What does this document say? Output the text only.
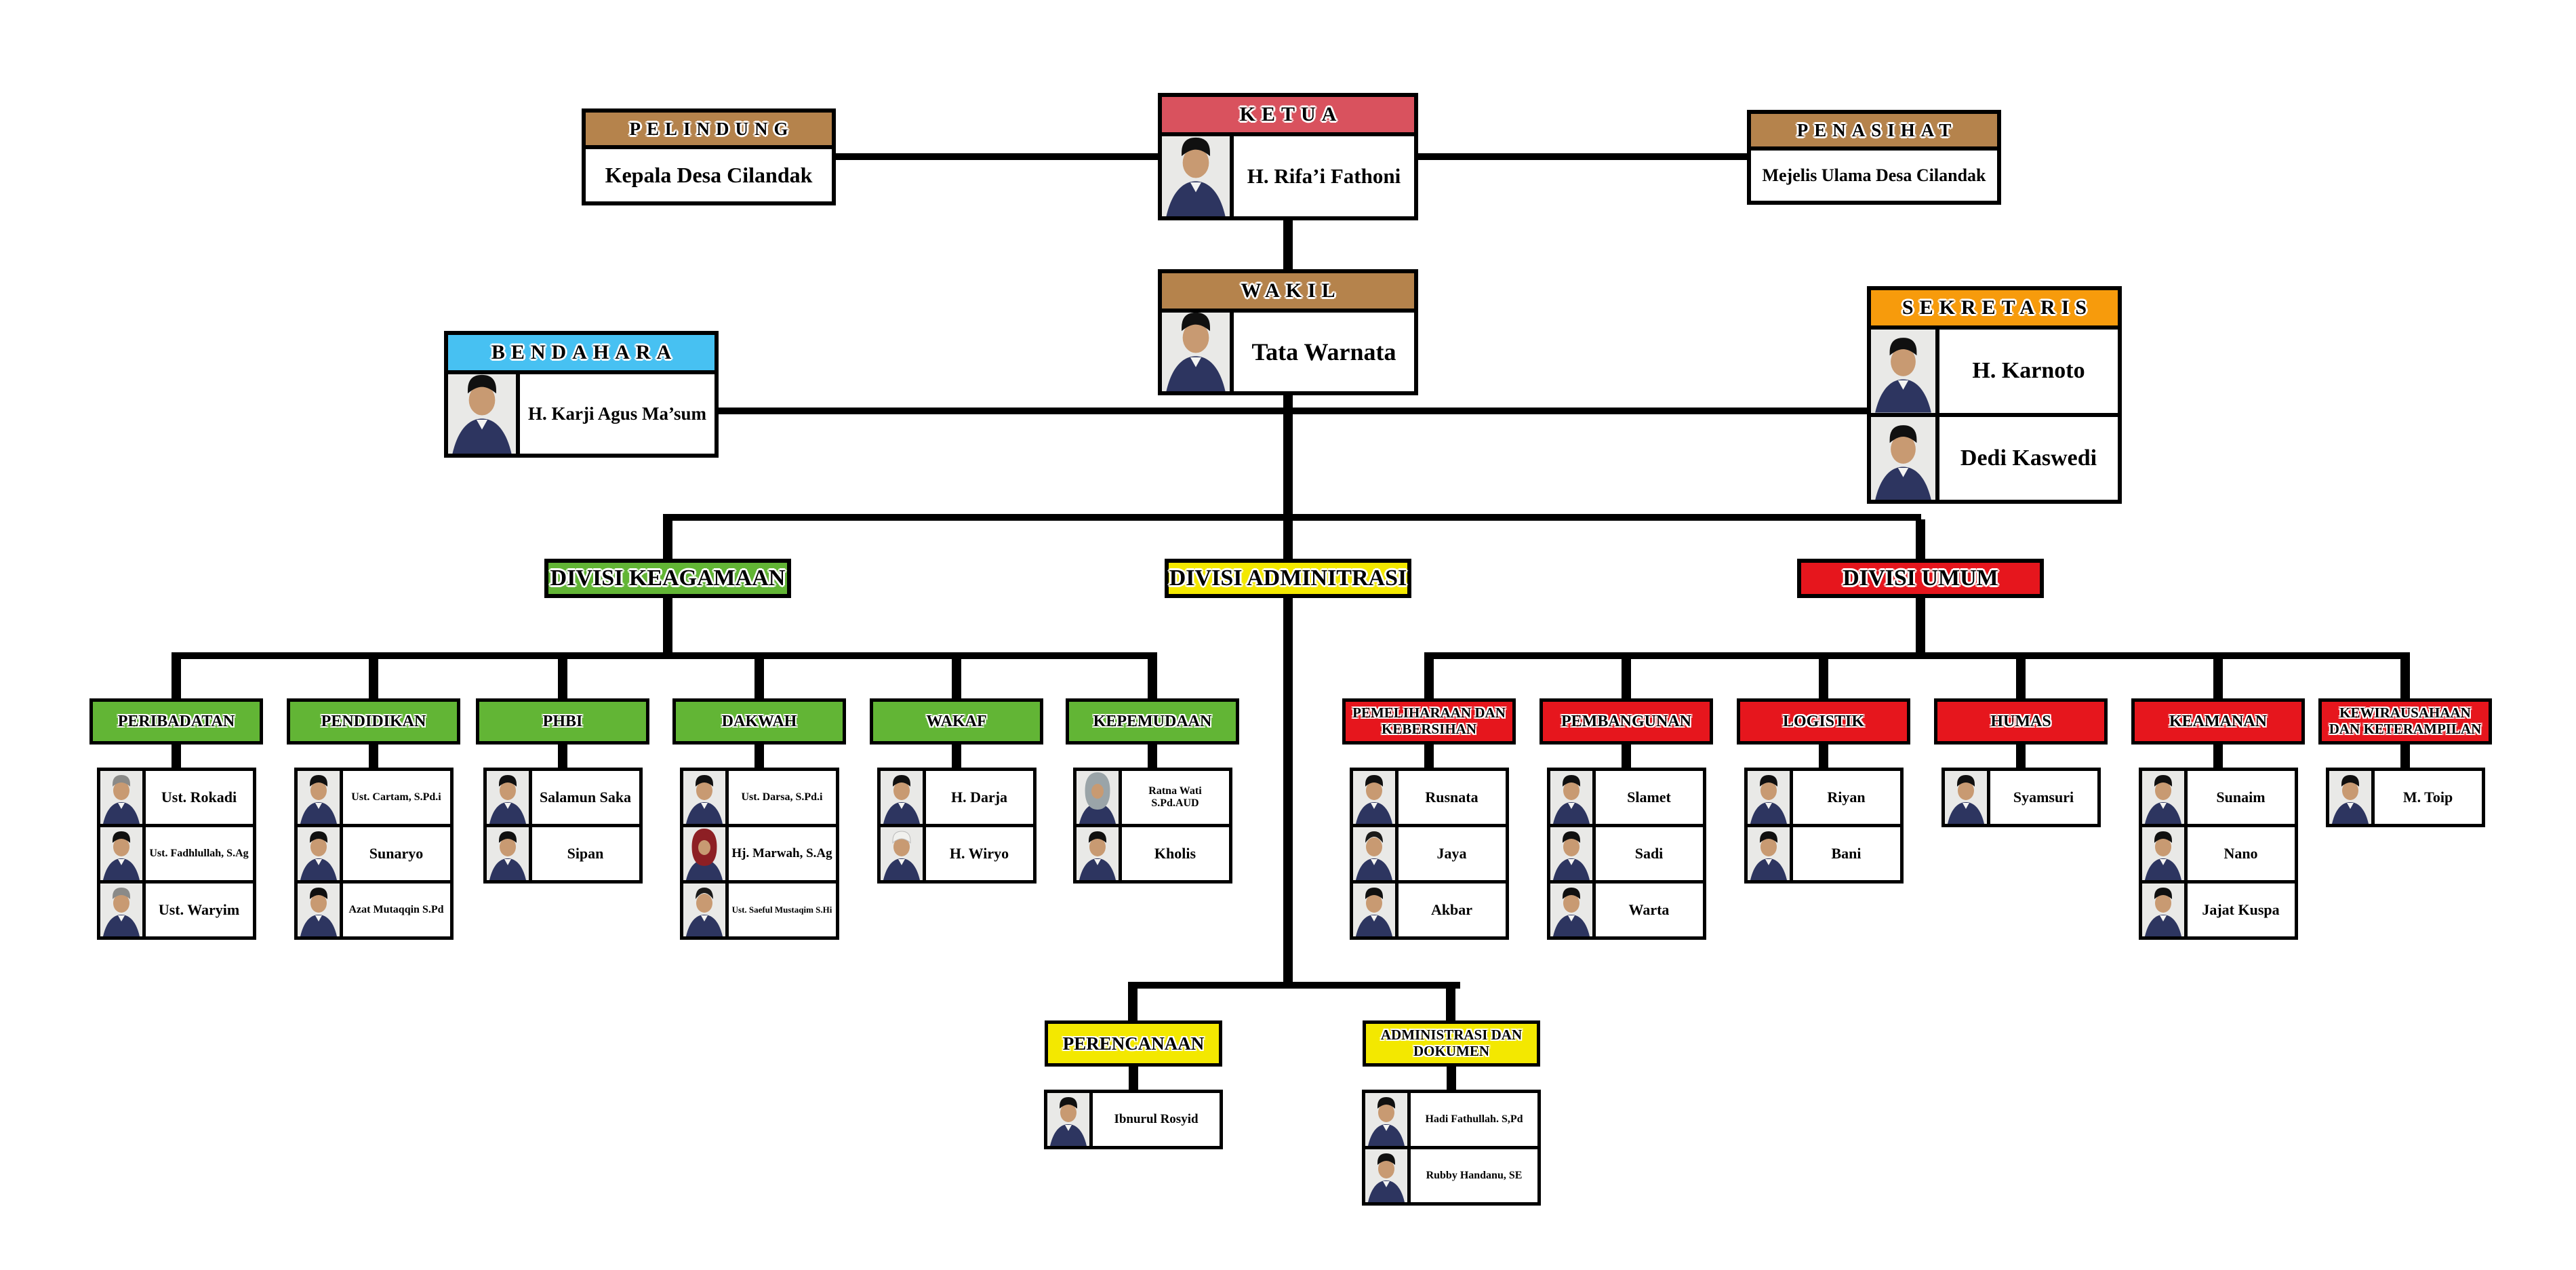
KETUA
H. Rifa’i Fathoni
PELINDUNG
Kepala Desa Cilandak
PENASIHAT
Mejelis Ulama Desa Cilandak
WAKIL
Tata Warnata
BENDAHARA
H. Karji Agus Ma’sum
SEKRETARIS
H. Karnoto
Dedi Kaswedi
DIVISI KEAGAMAAN	DIVISI ADMINITRASI	DIVISI UMUM
PERIBADATAN
Ust. Rokadi
Ust. Fadhlullah, S.Ag
Ust. Waryim
PENDIDIKAN
Ust. Cartam, S.Pd.i
Sunaryo
Azat Mutaqqin S.Pd
PHBI
Salamun Saka
Sipan
DAKWAH
Ust. Darsa, S.Pd.i
Hj. Marwah, S.Ag
Ust. Saeful Mustaqim S.Hi
WAKAF
H. Darja
H. Wiryo
KEPEMUDAAN
Ratna Wati S.Pd.AUD
Kholis
PEMELIHARAAN DAN KEBERSIHAN
Rusnata
Jaya
Akbar
PEMBANGUNAN
Slamet
Sadi
Warta
LOGISTIK
Riyan
Bani
HUMAS
Syamsuri
KEAMANAN
Sunaim
Nano
Jajat Kuspa
KEWIRAUSAHAAN DAN KETERAMPILAN
M. Toip
PERENCANAAN
Ibnurul Rosyid
ADMINISTRASI DAN DOKUMEN
Hadi Fathullah. S,Pd
Rubby Handanu, SE
